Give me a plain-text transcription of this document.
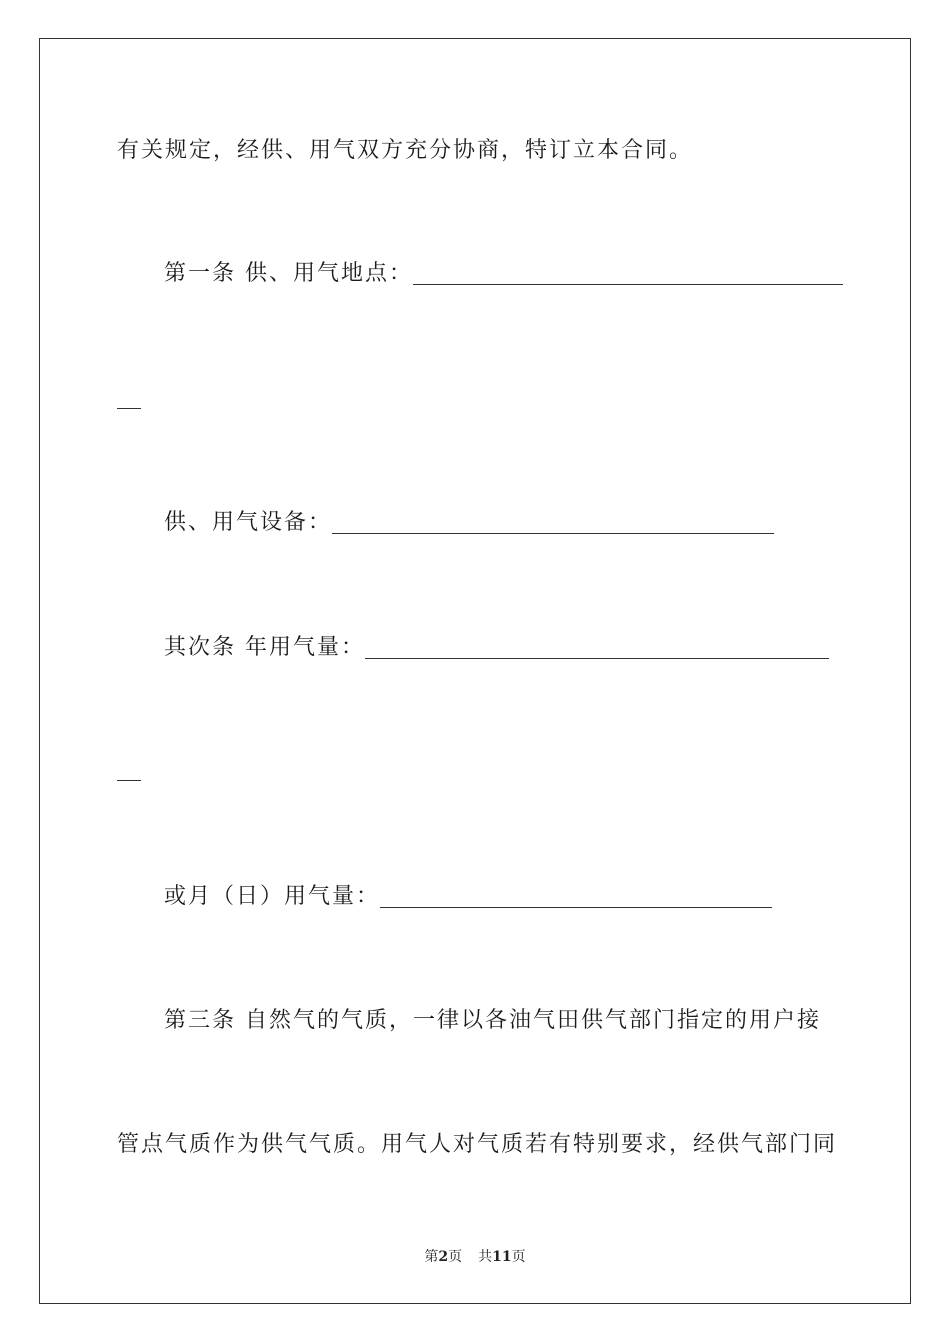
有关规定，经供、用气双方充分协商，特订立本合同。
第一条 供、用气地点：
供、用气设备：
其次条 年用气量：
或月（日）用气量：
第三条 自然气的气质，一律以各油气田供气部门指定的用户接
管点气质作为供气气质。用气人对气质若有特别要求，经供气部门同
第2页 共11页
